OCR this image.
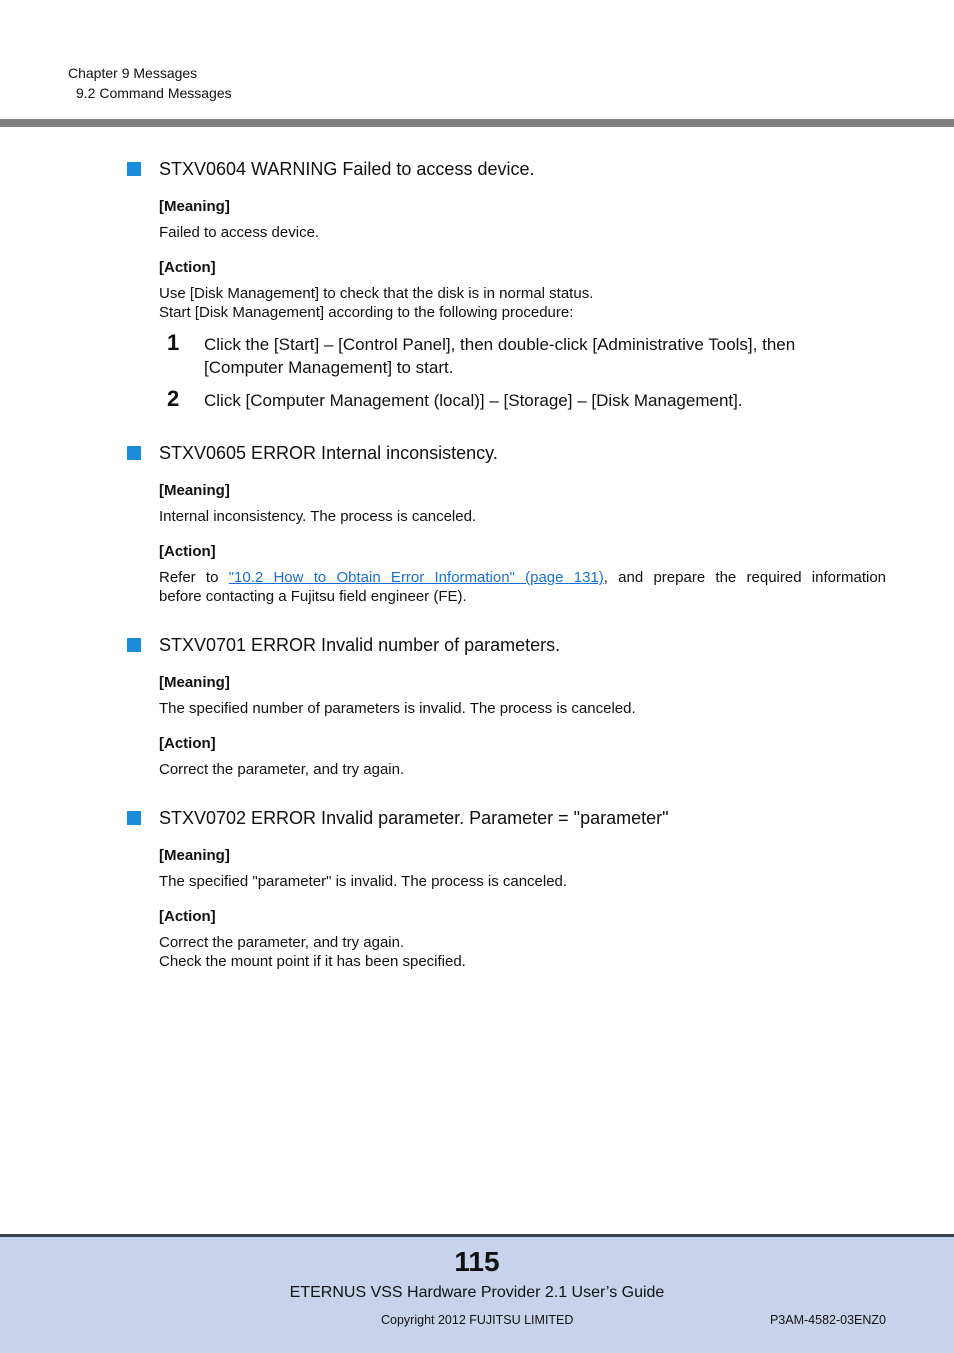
Chapter 9 Messages
9.2 Command Messages
STXV0604 WARNING Failed to access device.
[Meaning]
Failed to access device.
[Action]
Use [Disk Management] to check that the disk is in normal status.
Start [Disk Management] according to the following procedure:
1 Click the [Start] – [Control Panel], then double-click [Administrative Tools], then [Computer Management] to start.
2 Click [Computer Management (local)] – [Storage] – [Disk Management].
STXV0605 ERROR Internal inconsistency.
[Meaning]
Internal inconsistency. The process is canceled.
[Action]
Refer to "10.2 How to Obtain Error Information" (page 131), and prepare the required information
before contacting a Fujitsu field engineer (FE).
STXV0701 ERROR Invalid number of parameters.
[Meaning]
The specified number of parameters is invalid. The process is canceled.
[Action]
Correct the parameter, and try again.
STXV0702 ERROR Invalid parameter. Parameter = "parameter"
[Meaning]
The specified "parameter" is invalid. The process is canceled.
[Action]
Correct the parameter, and try again.
Check the mount point if it has been specified.
115
ETERNUS VSS Hardware Provider 2.1 User’s Guide
Copyright 2012 FUJITSU LIMITED	P3AM-4582-03ENZ0
